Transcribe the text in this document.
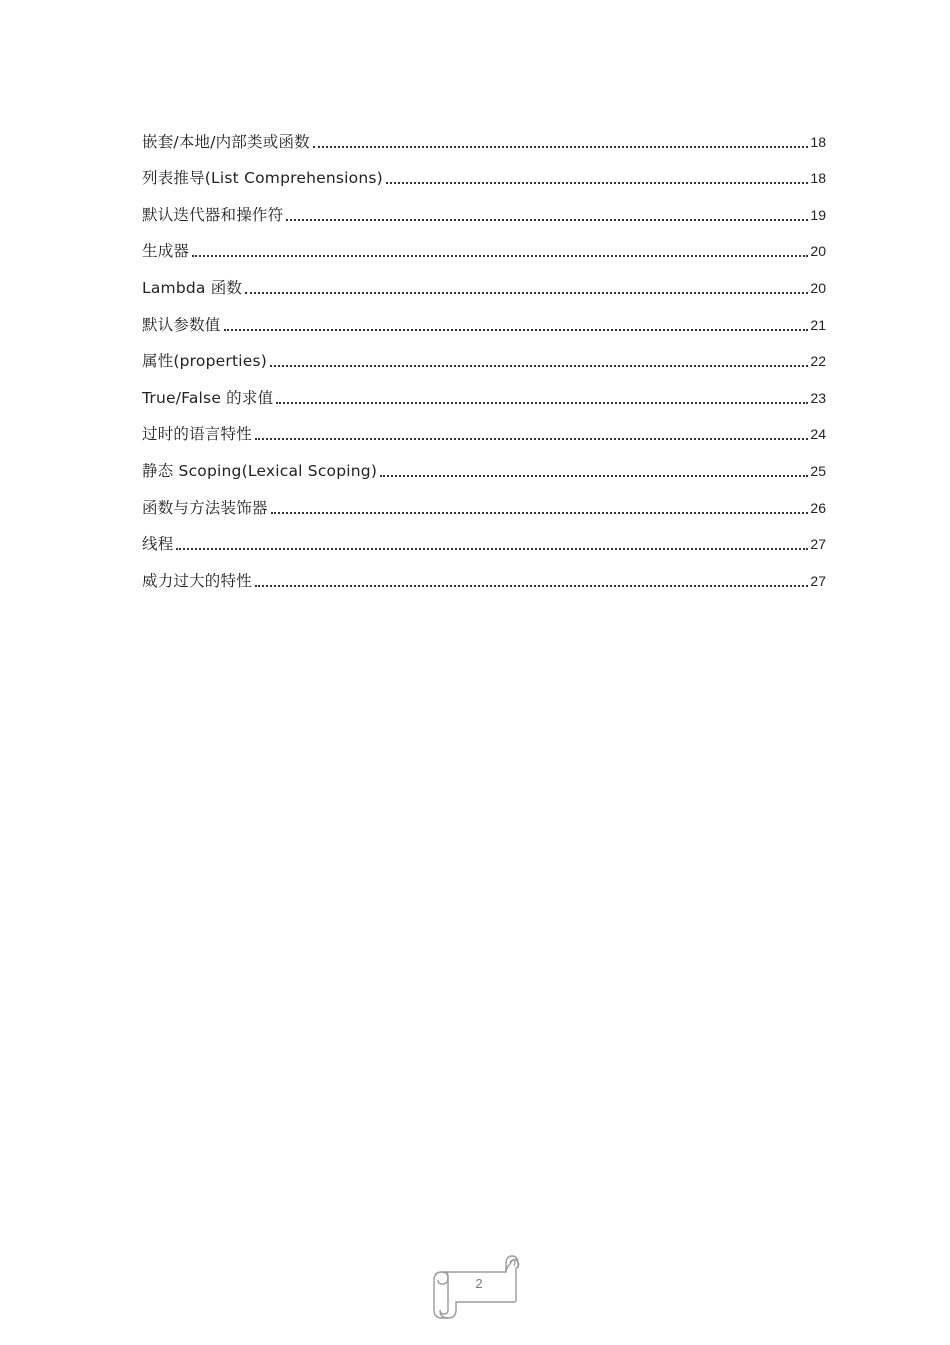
嵌套/本地/内部类或函数	18
列表推导(List Comprehensions)	18
默认迭代器和操作符	19
生成器	20
Lambda 函数	20
默认参数值	21
属性(properties)	22
True/False 的求值	23
过时的语言特性	24
静态 Scoping(Lexical Scoping)	25
函数与方法装饰器	26
线程	27
威力过大的特性	27
2
